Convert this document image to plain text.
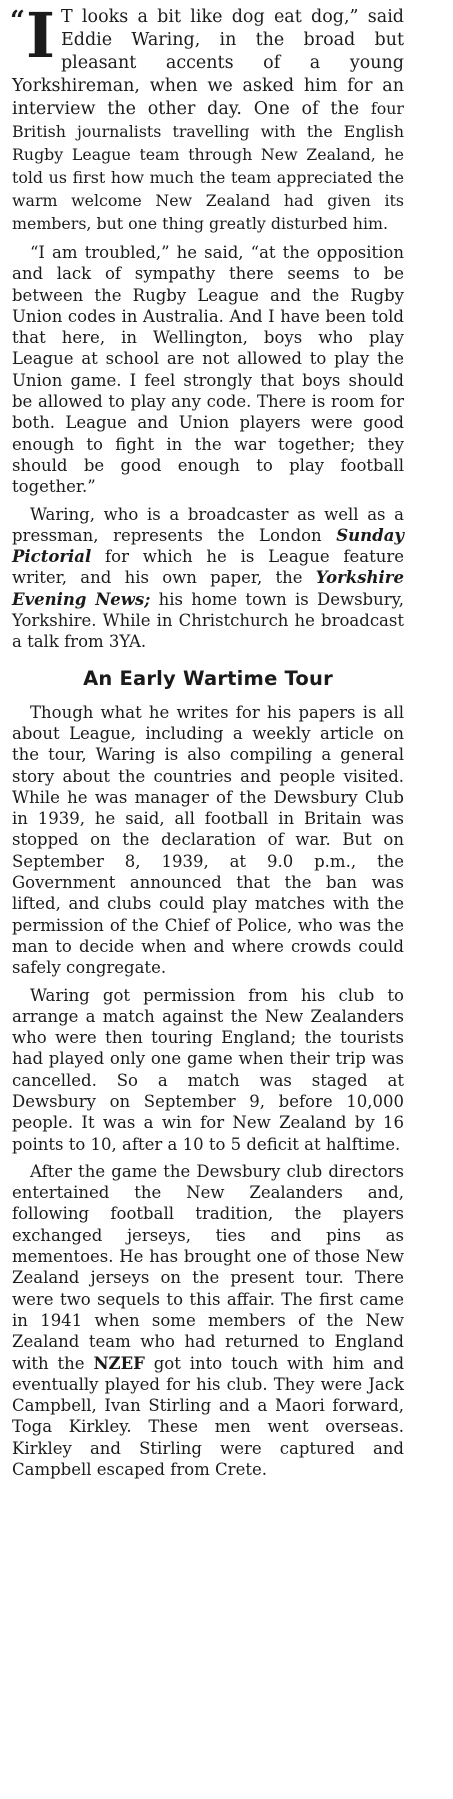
“ I T looks a bit like dog eat dog,” said Eddie Waring, in the broad but pleasant accents of a young Yorkshireman, when we asked him for an interview the other day. One of the four British journalists travelling with the English Rugby League team through New Zealand, he told us first how much the team appreciated the warm welcome New Zealand had given its members, but one thing greatly disturbed him.

“I am troubled,” he said, “at the opposition and lack of sympathy there seems to be between the Rugby League and the Rugby Union codes in Australia. And I have been told that here, in Wellington, boys who play League at school are not allowed to play the Union game. I feel strongly that boys should be allowed to play any code. There is room for both. League and Union players were good enough to fight in the war together; they should be good enough to play football together.”

Waring, who is a broadcaster as well as a pressman, represents the London Sunday Pictorial for which he is League feature writer, and his own paper, the Yorkshire Evening News; his home town is Dewsbury, Yorkshire. While in Christchurch he broadcast a talk from 3YA.

An Early Wartime Tour

Though what he writes for his papers is all about League, including a weekly article on the tour, Waring is also compiling a general story about the countries and people visited. While he was manager of the Dewsbury Club in 1939, he said, all football in Britain was stopped on the declaration of war. But on September 8, 1939, at 9.0 p.m., the Government announced that the ban was lifted, and clubs could play matches with the permission of the Chief of Police, who was the man to decide when and where crowds could safely congregate.

Waring got permission from his club to arrange a match against the New Zealanders who were then touring England; the tourists had played only one game when their trip was cancelled. So a match was staged at Dewsbury on September 9, before 10,000 people. It was a win for New Zealand by 16 points to 10, after a 10 to 5 deficit at halftime.

After the game the Dewsbury club directors entertained the New Zealanders and, following football tradition, the players exchanged jerseys, ties and pins as mementoes. He has brought one of those New Zealand jerseys on the present tour. There were two sequels to this affair. The first came in 1941 when some members of the New Zealand team who had returned to England with the NZEF got into touch with him and eventually played for his club. They were Jack Campbell, Ivan Stirling and a Maori forward, Toga Kirkley. These men went overseas. Kirkley and Stirling were captured and Campbell escaped from Crete.
